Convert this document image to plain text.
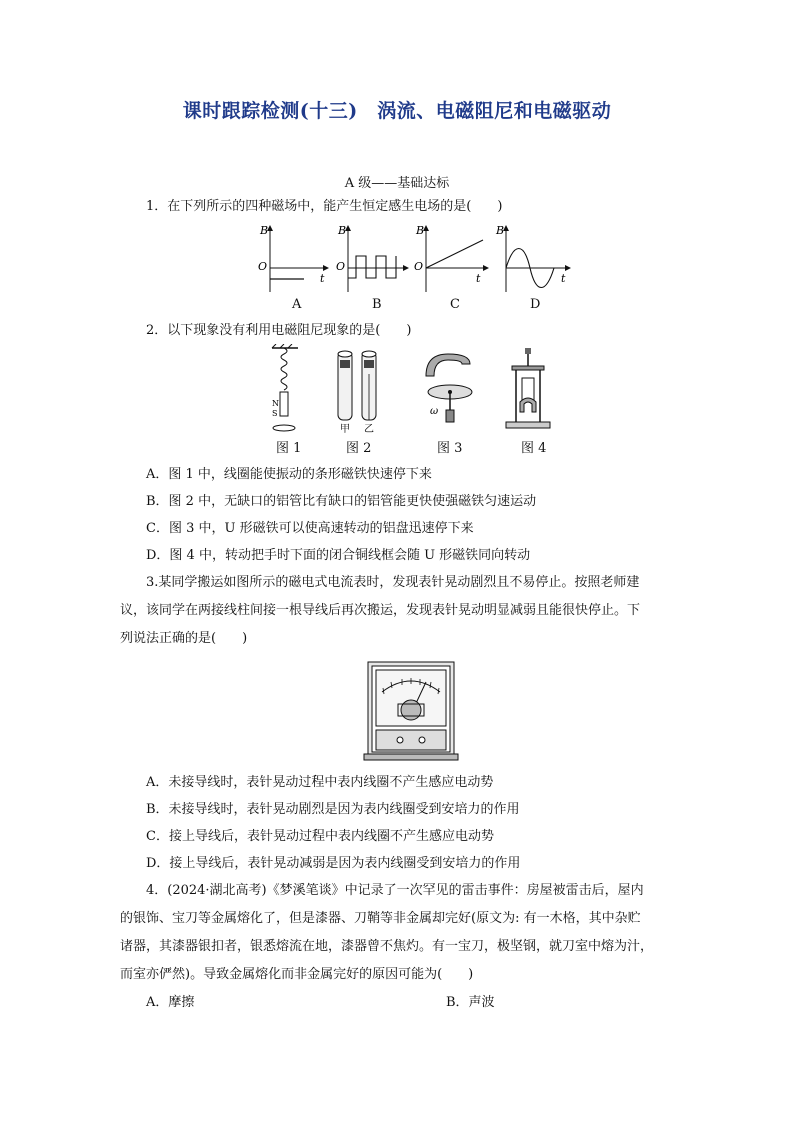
课时跟踪检测(十三)　涡流、电磁阻尼和电磁驱动
A 级——基础达标
1．在下列所示的四种磁场中，能产生恒定感生电场的是(　　)
B
O
t
B
O
B
O
t
B
t
A	B	C	D
2．以下现象没有利用电磁阻尼现象的是(　　)
N
S
甲 乙
ω
图 1	图 2	图 3	图 4
A．图 1 中，线圈能使振动的条形磁铁快速停下来
B．图 2 中，无缺口的铝管比有缺口的铝管能更快使强磁铁匀速运动
C．图 3 中，U 形磁铁可以使高速转动的铝盘迅速停下来
D．图 4 中，转动把手时下面的闭合铜线框会随 U 形磁铁同向转动
3.某同学搬运如图所示的磁电式电流表时，发现表针晃动剧烈且不易停止。按照老师建
议，该同学在两接线柱间接一根导线后再次搬运，发现表针晃动明显减弱且能很快停止。下
列说法正确的是(　　)
A．未接导线时，表针晃动过程中表内线圈不产生感应电动势
B．未接导线时，表针晃动剧烈是因为表内线圈受到安培力的作用
C．接上导线后，表针晃动过程中表内线圈不产生感应电动势
D．接上导线后，表针晃动减弱是因为表内线圈受到安培力的作用
4．(2024·湖北高考)《梦溪笔谈》中记录了一次罕见的雷击事件：房屋被雷击后，屋内
的银饰、宝刀等金属熔化了，但是漆器、刀鞘等非金属却完好(原文为: 有一木格，其中杂贮
诸器，其漆器银扣者，银悉熔流在地，漆器曾不焦灼。有一宝刀，极坚钢，就刀室中熔为汁，
而室亦俨然)。导致金属熔化而非金属完好的原因可能为(　　)
A．摩擦	B．声波
